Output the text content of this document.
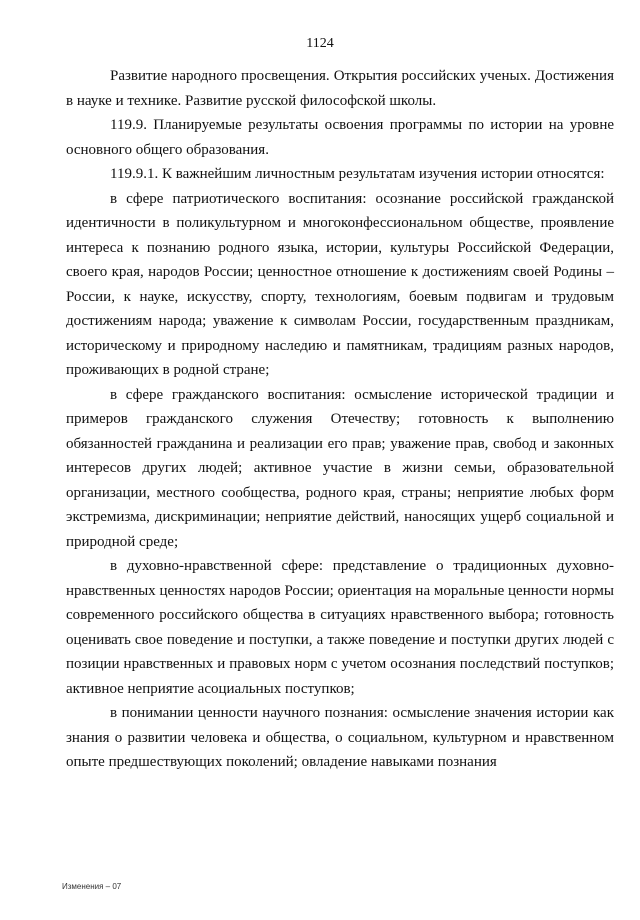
1124

Развитие народного просвещения. Открытия российских ученых. Достижения в науке и технике. Развитие русской философской школы.

119.9. Планируемые результаты освоения программы по истории на уровне основного общего образования.

119.9.1. К важнейшим личностным результатам изучения истории относятся:

в сфере патриотического воспитания: осознание российской гражданской идентичности в поликультурном и многоконфессиональном обществе, проявление интереса к познанию родного языка, истории, культуры Российской Федерации, своего края, народов России; ценностное отношение к достижениям своей Родины – России, к науке, искусству, спорту, технологиям, боевым подвигам и трудовым достижениям народа; уважение к символам России, государственным праздникам, историческому и природному наследию и памятникам, традициям разных народов, проживающих в родной стране;

в сфере гражданского воспитания: осмысление исторической традиции и примеров гражданского служения Отечеству; готовность к выполнению обязанностей гражданина и реализации его прав; уважение прав, свобод и законных интересов других людей; активное участие в жизни семьи, образовательной организации, местного сообщества, родного края, страны; неприятие любых форм экстремизма, дискриминации; неприятие действий, наносящих ущерб социальной и природной среде;

в духовно-нравственной сфере: представление о традиционных духовно-нравственных ценностях народов России; ориентация на моральные ценности нормы современного российского общества в ситуациях нравственного выбора; готовность оценивать свое поведение и поступки, а также поведение и поступки других людей с позиции нравственных и правовых норм с учетом осознания последствий поступков; активное неприятие асоциальных поступков;

в понимании ценности научного познания: осмысление значения истории как знания о развитии человека и общества, о социальном, культурном и нравственном опыте предшествующих поколений; овладение навыками познания

Изменения – 07
